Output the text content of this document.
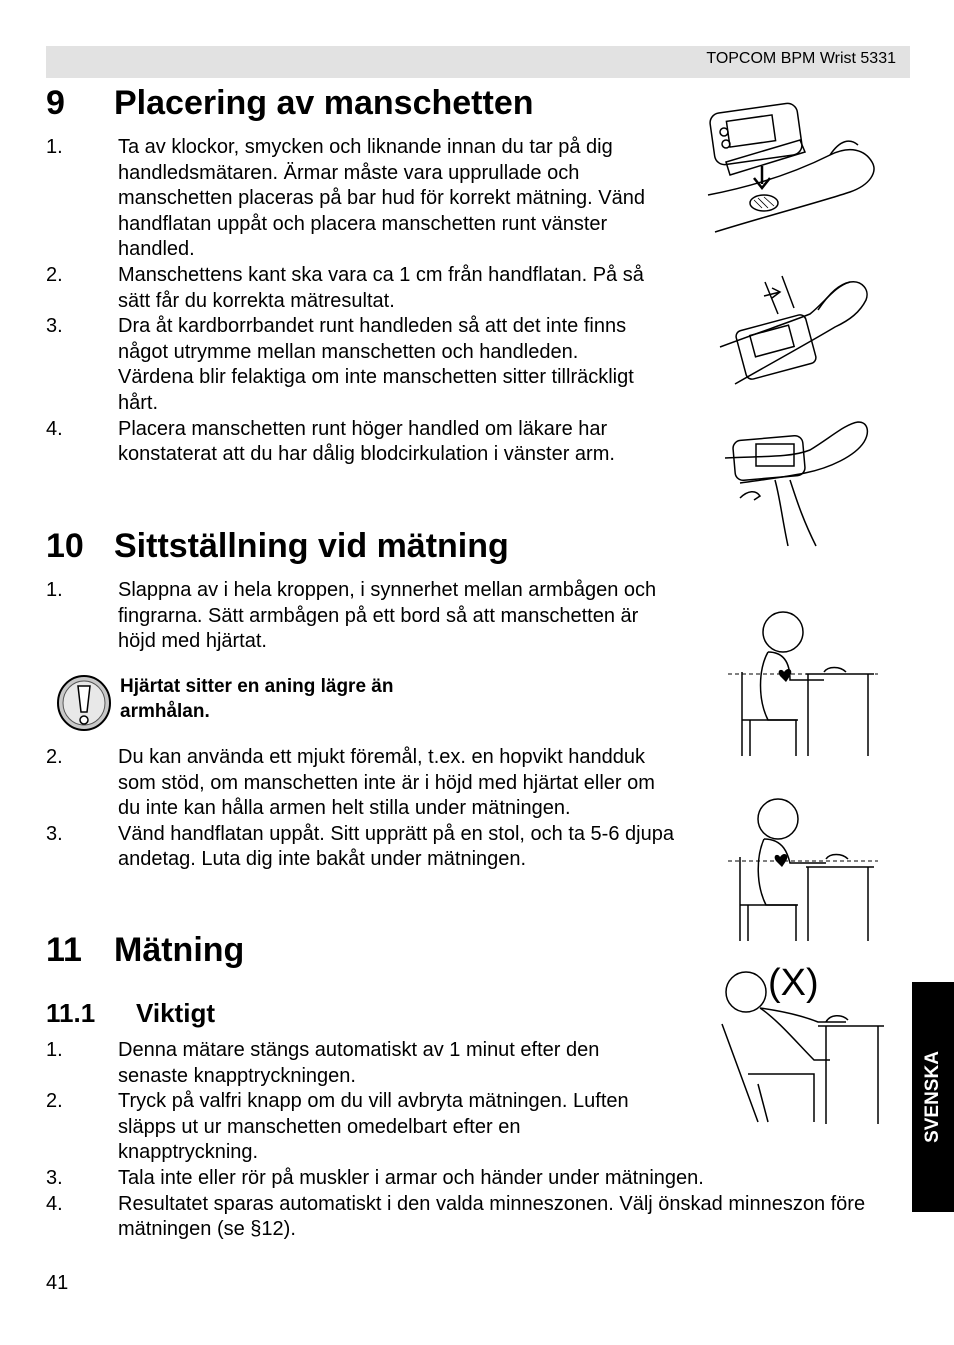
TOPCOM BPM Wrist 5331
9 Placering av manschetten
1.	Ta av klockor, smycken och liknande innan du tar på dig handledsmätaren. Ärmar måste vara upprullade och manschetten placeras på bar hud för korrekt mätning. Vänd handflatan uppåt och placera manschetten runt vänster handled.
2.	Manschettens kant ska vara ca 1 cm från handflatan. På så sätt får du korrekta mätresultat.
3.	Dra åt kardborrbandet runt handleden så att det inte finns något utrymme mellan manschetten och handleden. Värdena blir felaktiga om inte manschetten sitter tillräckligt hårt.
4.	Placera manschetten runt höger handled om läkare har konstaterat att du har dålig blodcirkulation i vänster arm.
10 Sittställning vid mätning
1.	Slappna av i hela kroppen, i synnerhet mellan armbågen och fingrarna. Sätt armbågen på ett bord så att manschetten är höjd med hjärtat.
Hjärtat sitter en aning lägre än armhålan.
2.	Du kan använda ett mjukt föremål, t.ex. en hopvikt handduk som stöd, om manschetten inte är i höjd med hjärtat eller om du inte kan hålla armen helt stilla under mätningen.
3.	Vänd handflatan uppåt. Sitt upprätt på en stol, och ta 5-6 djupa andetag. Luta dig inte bakåt under mätningen.
11 Mätning
11.1 Viktigt
1.	Denna mätare stängs automatiskt av 1 minut efter den senaste knapptryckningen.
2.	Tryck på valfri knapp om du vill avbryta mätningen. Luften släpps ut ur manschetten omedelbart efter en knapptryckning.
3.	Tala inte eller rör på muskler i armar och händer under mätningen.
4.	Resultatet sparas automatiskt i den valda minneszonen. Välj önskad minneszon före mätningen (se §12).
(X)
SVENSKA
41
